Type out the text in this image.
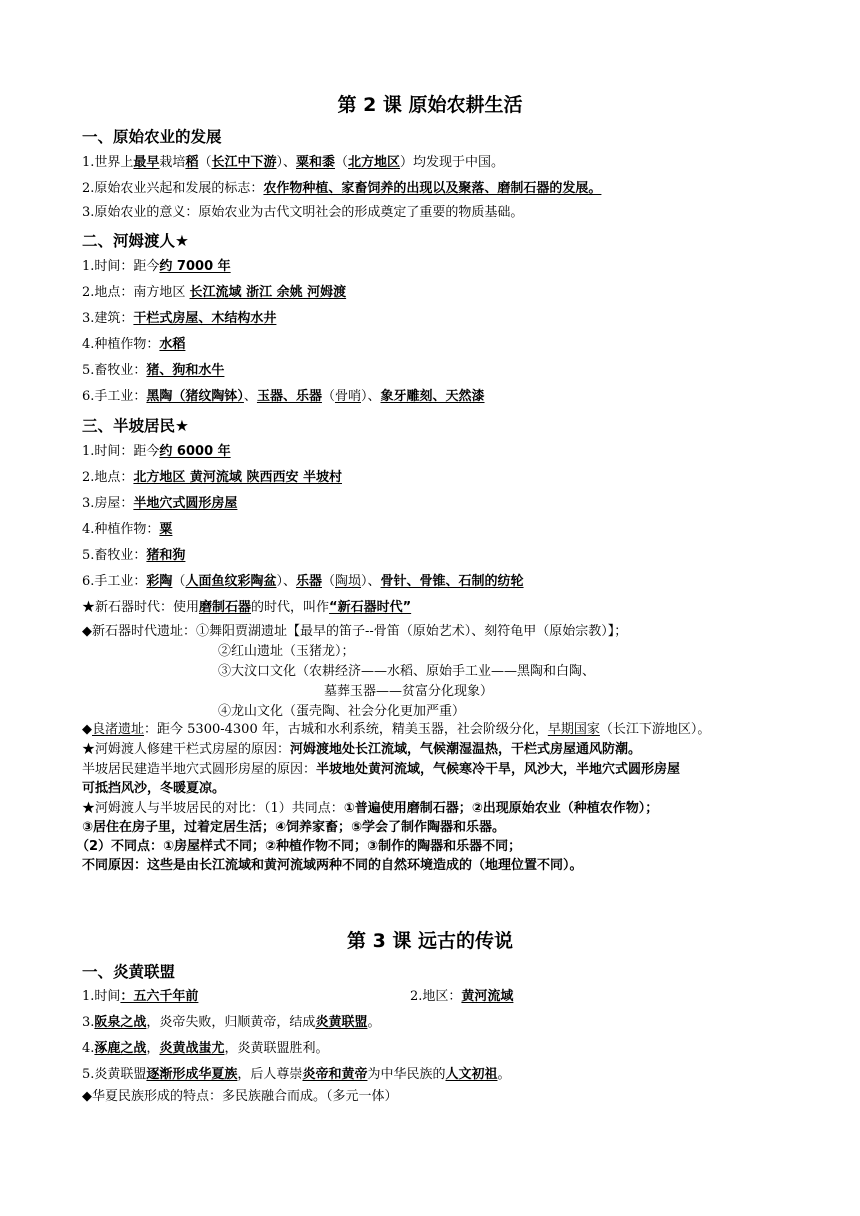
第 2 课 原始农耕生活
一、原始农业的发展
1.世界上最早栽培稻（长江中下游）、粟和黍（北方地区）均发现于中国。
2.原始农业兴起和发展的标志：农作物种植、家畜饲养的出现以及聚落、磨制石器的发展。
3.原始农业的意义：原始农业为古代文明社会的形成奠定了重要的物质基础。
二、河姆渡人★
1.时间：距今约 7000 年
2.地点：南方地区 长江流域 浙江 余姚 河姆渡
3.建筑：干栏式房屋、木结构水井
4.种植作物：水稻
5.畜牧业：猪、狗和水牛
6.手工业：黑陶（猪纹陶钵）、玉器、乐器（骨哨）、象牙雕刻、天然漆
三、半坡居民★
1.时间：距今约 6000 年
2.地点：北方地区 黄河流域 陕西西安 半坡村
3.房屋：半地穴式圆形房屋
4.种植作物：粟
5.畜牧业：猪和狗
6.手工业：彩陶（人面鱼纹彩陶盆）、乐器（陶埙）、骨针、骨锥、石制的纺轮
★新石器时代：使用磨制石器的时代，叫作“新石器时代”
◆新石器时代遗址：①舞阳贾湖遗址【最早的笛子--骨笛（原始艺术）、刻符龟甲（原始宗教）】；
②红山遗址（玉猪龙）；
③大汶口文化（农耕经济——水稻、原始手工业——黑陶和白陶、
墓葬玉器——贫富分化现象）
④龙山文化（蛋壳陶、社会分化更加严重）
◆良渚遗址：距今 5300-4300 年，古城和水利系统，精美玉器，社会阶级分化，早期国家（长江下游地区）。
★河姆渡人修建干栏式房屋的原因：河姆渡地处长江流域，气候潮湿温热，干栏式房屋通风防潮。
半坡居民建造半地穴式圆形房屋的原因：半坡地处黄河流域，气候寒冷干旱，风沙大，半地穴式圆形房屋
可抵挡风沙，冬暖夏凉。
★河姆渡人与半坡居民的对比：（1）共同点：①普遍使用磨制石器；②出现原始农业（种植农作物）；
③居住在房子里，过着定居生活；④饲养家畜；⑤学会了制作陶器和乐器。
（2）不同点：①房屋样式不同；②种植作物不同；③制作的陶器和乐器不同；
不同原因：这些是由长江流域和黄河流域两种不同的自然环境造成的（地理位置不同）。
第 3 课 远古的传说
一、炎黄联盟
1.时间：五六千年前	2.地区：黄河流域
3.阪泉之战，炎帝失败，归顺黄帝，结成炎黄联盟。
4.涿鹿之战，炎黄战蚩尤，炎黄联盟胜利。
5.炎黄联盟逐渐形成华夏族，后人尊崇炎帝和黄帝为中华民族的人文初祖。
◆华夏民族形成的特点：多民族融合而成。（多元一体）
